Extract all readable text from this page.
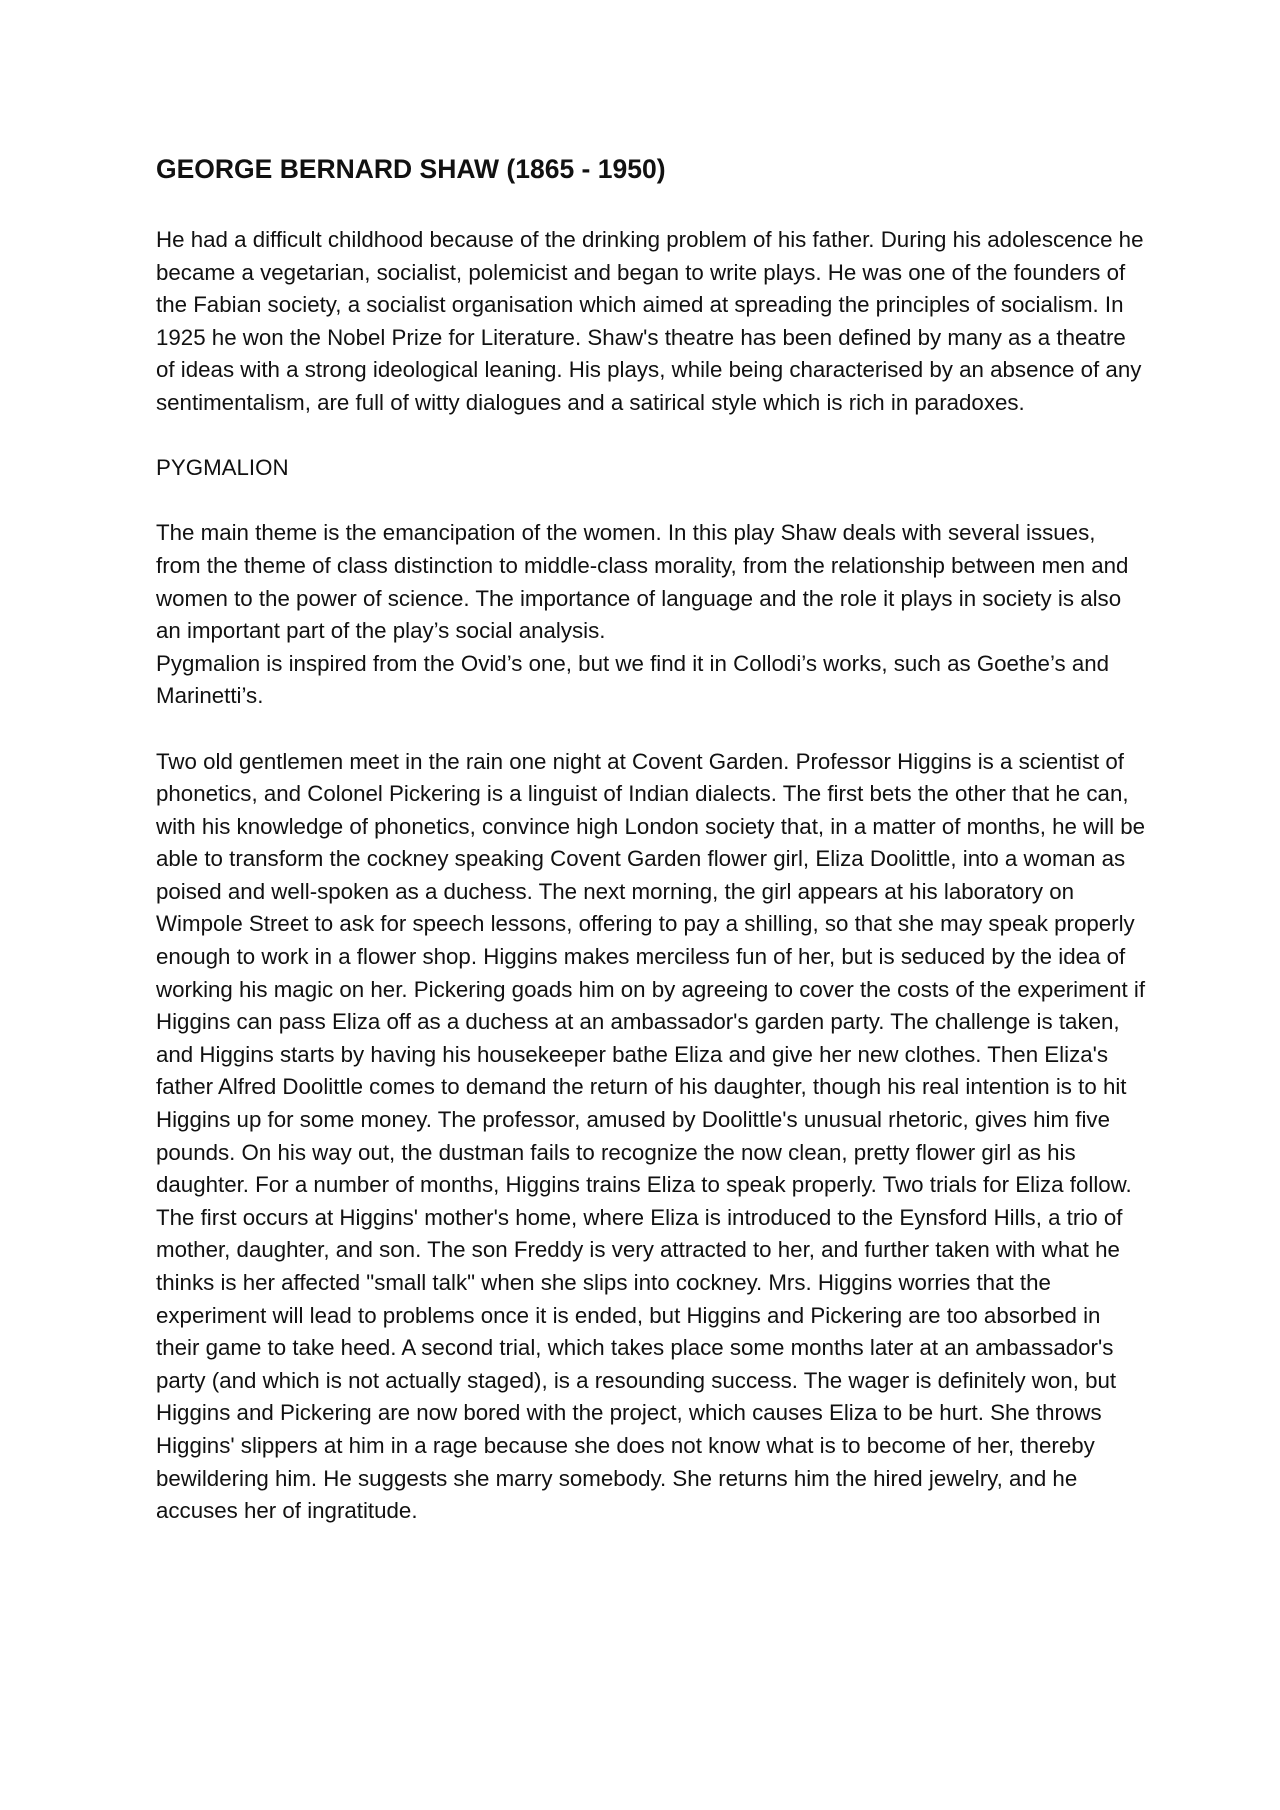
GEORGE BERNARD SHAW (1865 - 1950)

He had a difficult childhood because of the drinking problem of his father. During his adolescence he became a vegetarian, socialist, polemicist and began to write plays. He was one of the founders of the Fabian society, a socialist organisation which aimed at spreading the principles of socialism. In 1925 he won the Nobel Prize for Literature. Shaw's theatre has been defined by many as a theatre of ideas with a strong ideological leaning. His plays, while being characterised by an absence of any sentimentalism, are full of witty dialogues and a satirical style which is rich in paradoxes.

PYGMALION

The main theme is the emancipation of the women. In this play Shaw deals with several issues, from the theme of class distinction to middle-class morality, from the relationship between men and women to the power of science. The importance of language and the role it plays in society is also an important part of the play’s social analysis.

Pygmalion is inspired from the Ovid’s one, but we find it in Collodi’s works, such as Goethe’s and Marinetti’s.

Two old gentlemen meet in the rain one night at Covent Garden. Professor Higgins is a scientist of phonetics, and Colonel Pickering is a linguist of Indian dialects. The first bets the other that he can, with his knowledge of phonetics, convince high London society that, in a matter of months, he will be able to transform the cockney speaking Covent Garden flower girl, Eliza Doolittle, into a woman as poised and well-spoken as a duchess. The next morning, the girl appears at his laboratory on Wimpole Street to ask for speech lessons, offering to pay a shilling, so that she may speak properly enough to work in a flower shop. Higgins makes merciless fun of her, but is seduced by the idea of working his magic on her. Pickering goads him on by agreeing to cover the costs of the experiment if Higgins can pass Eliza off as a duchess at an ambassador's garden party. The challenge is taken, and Higgins starts by having his housekeeper bathe Eliza and give her new clothes. Then Eliza's father Alfred Doolittle comes to demand the return of his daughter, though his real intention is to hit Higgins up for some money. The professor, amused by Doolittle's unusual rhetoric, gives him five pounds. On his way out, the dustman fails to recognize the now clean, pretty flower girl as his daughter. For a number of months, Higgins trains Eliza to speak properly. Two trials for Eliza follow. The first occurs at Higgins' mother's home, where Eliza is introduced to the Eynsford Hills, a trio of mother, daughter, and son. The son Freddy is very attracted to her, and further taken with what he thinks is her affected "small talk" when she slips into cockney. Mrs. Higgins worries that the experiment will lead to problems once it is ended, but Higgins and Pickering are too absorbed in their game to take heed. A second trial, which takes place some months later at an ambassador's party (and which is not actually staged), is a resounding success. The wager is definitely won, but Higgins and Pickering are now bored with the project, which causes Eliza to be hurt. She throws Higgins' slippers at him in a rage because she does not know what is to become of her, thereby bewildering him. He suggests she marry somebody. She returns him the hired jewelry, and he accuses her of ingratitude.
